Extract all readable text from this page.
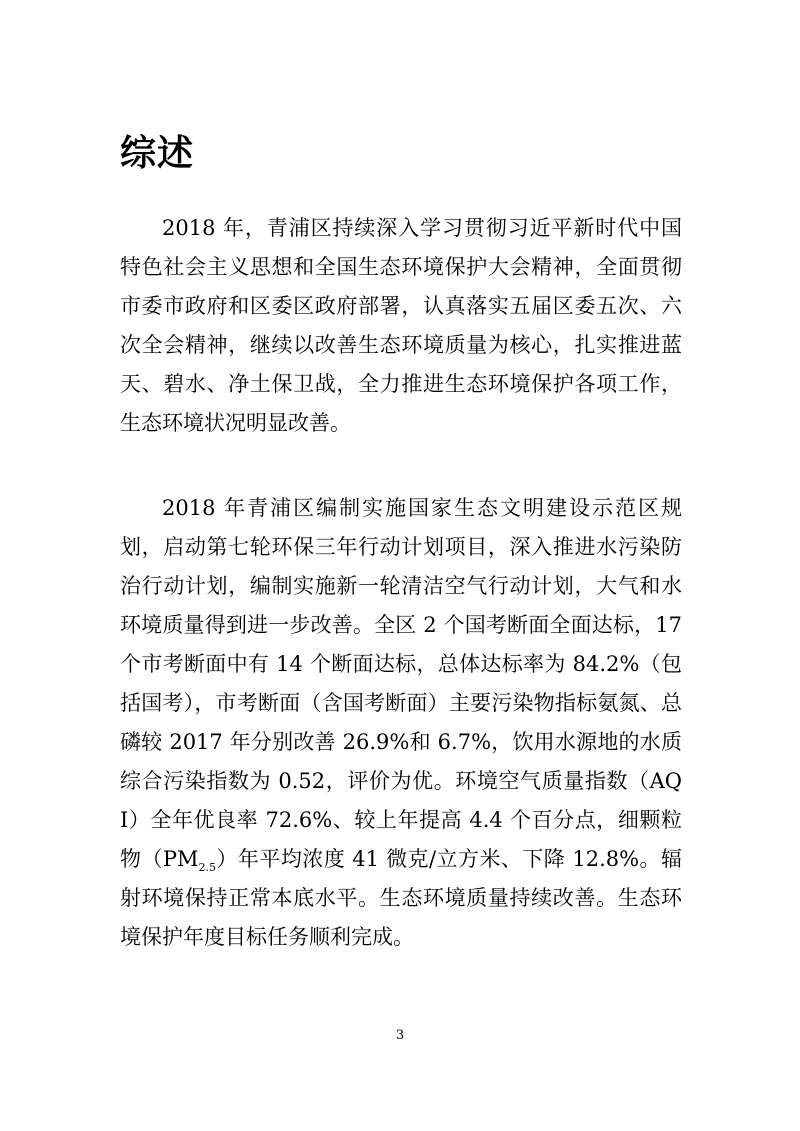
综述

2018 年，青浦区持续深入学习贯彻习近平新时代中国特色社会主义思想和全国生态环境保护大会精神，全面贯彻市委市政府和区委区政府部署，认真落实五届区委五次、六次全会精神，继续以改善生态环境质量为核心，扎实推进蓝天、碧水、净土保卫战，全力推进生态环境保护各项工作，生态环境状况明显改善。

2018 年青浦区编制实施国家生态文明建设示范区规划，启动第七轮环保三年行动计划项目，深入推进水污染防治行动计划，编制实施新一轮清洁空气行动计划，大气和水环境质量得到进一步改善。全区 2 个国考断面全面达标，17 个市考断面中有 14 个断面达标，总体达标率为 84.2%（包括国考），市考断面（含国考断面）主要污染物指标氨氮、总磷较 2017 年分别改善 26.9%和 6.7%，饮用水源地的水质综合污染指数为 0.52，评价为优。环境空气质量指数（AQI）全年优良率 72.6%、较上年提高 4.4 个百分点，细颗粒物$(PM_{2.5})$年平均浓度 41 微克/立方米、下降 12.8%。辐射环境保持正常本底水平。生态环境质量持续改善。生态环境保护年度目标任务顺利完成。

3
